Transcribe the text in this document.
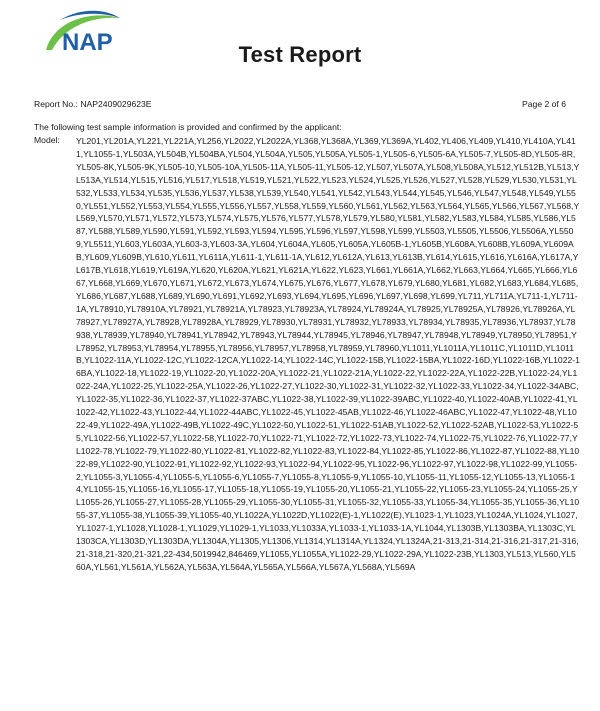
NAP	Test Report
Report No.: NAP2409029623E	Page 2 of 6
The following test sample information is provided and confirmed by the applicant:
Model:	YL201,YL201A,YL221,YL221A,YL256,YL2022,YL2022A,YL368,YL368A,YL369,YL369A,YL402,YL406,YL409,YL410,YL410A,YL411,YL1055-1,YL503A,YL504B,YL504BA,YL504,YL504A,YL505,YL505A,YL505-1,YL505-6,YL505-6A,YL505-7,YL505-8D,YL505-8R,YL505-8K,YL505-9K,YL505-10,YL505-10A,YL505-11A,YL505-11,YL505-12,YL507,YL507A,YL508,YL508A,YL512,YL512B,YL513,YL513A,YL514,YL515,YL516,YL517,YL518,YL519,YL521,YL522,YL523,YL524,YL525,YL526,YL527,YL528,YL529,YL530,YL531,YL532,YL533,YL534,YL535,YL536,YL537,YL538,YL539,YL540,YL541,YL542,YL543,YL544,YL545,YL546,YL547,YL548,YL549,YL550,YL551,YL552,YL553,YL554,YL555,YL556,YL557,YL558,YL559,YL560,YL561,YL562,YL563,YL564,YL565,YL566,YL567,YL568,YL569,YL570,YL571,YL572,YL573,YL574,YL575,YL576,YL577,YL578,YL579,YL580,YL581,YL582,YL583,YL584,YL585,YL586,YL587,YL588,YL589,YL590,YL591,YL592,YL593,YL594,YL595,YL596,YL597,YL598,YL599,YL5503,YL5505,YL5506,YL5506A,YL5509,YL5511,YL603,YL603A,YL603-3,YL603-3A,YL604,YL604A,YL605,YL605A,YL605B-1,YL605B,YL608A,YL608B,YL609A,YL609AB,YL609,YL609B,YL610,YL611,YL611A,YL611-1,YL611-1A,YL612,YL612A,YL613,YL613B,YL614,YL615,YL616,YL616A,YL617A,YL617B,YL618,YL619,YL619A,YL620,YL620A,YL621,YL621A,YL622,YL623,YL661,YL661A,YL662,YL663,YL664,YL665,YL666,YL667,YL668,YL669,YL670,YL671,YL672,YL673,YL674,YL675,YL676,YL677,YL678,YL679,YL680,YL681,YL682,YL683,YL684,YL685,YL686,YL687,YL688,YL689,YL690,YL691,YL692,YL693,YL694,YL695,YL696,YL697,YL698,YL699,YL711,YL711A,YL711-1,YL711-1A,YL78910,YL78910A,YL78921,YL78921A,YL78923,YL78923A,YL78924,YL78924A,YL78925,YL78925A,YL78926,YL78926A,YL78927,YL78927A,YL78928,YL78928A,YL78929,YL78930,YL78931,YL78932,YL78933,YL78934,YL78935,YL78936,YL78937,YL78938,YL78939,YL78940,YL78941,YL78942,YL78943,YL78944,YL78945,YL78946,YL78947,YL78948,YL78949,YL78950,YL78951,YL78952,YL78953,YL78954,YL78955,YL78956,YL78957,YL78958,YL78959,YL78960,YL1011,YL1011A,YL1011C,YL1011D,YL1011B,YL1022-11A,YL1022-12C,YL1022-12CA,YL1022-14,YL1022-14C,YL1022-15B,YL1022-15BA,YL1022-16D,YL1022-16B,YL1022-16BA,YL1022-18,YL1022-19,YL1022-20,YL1022-20A,YL1022-21,YL1022-21A,YL1022-22,YL1022-22A,YL1022-22B,YL1022-24,YL1022-24A,YL1022-25,YL1022-25A,YL1022-26,YL1022-27,YL1022-30,YL1022-31,YL1022-32,YL1022-33,YL1022-34,YL1022-34ABC,YL1022-35,YL1022-36,YL1022-37,YL1022-37ABC,YL1022-38,YL1022-39,YL1022-39ABC,YL1022-40,YL1022-40AB,YL1022-41,YL1022-42,YL1022-43,YL1022-44,YL1022-44ABC,YL1022-45,YL1022-45AB,YL1022-46,YL1022-46ABC,YL1022-47,YL1022-48,YL1022-49,YL1022-49A,YL1022-49B,YL1022-49C,YL1022-50,YL1022-51,YL1022-51AB,YL1022-52,YL1022-52AB,YL1022-53,YL1022-55,YL1022-56,YL1022-57,YL1022-58,YL1022-70,YL1022-71,YL1022-72,YL1022-73,YL1022-74,YL1022-75,YL1022-76,YL1022-77,YL1022-78,YL1022-79,YL1022-80,YL1022-81,YL1022-82,YL1022-83,YL1022-84,YL1022-85,YL1022-86,YL1022-87,YL1022-88,YL1022-89,YL1022-90,YL1022-91,YL1022-92,YL1022-93,YL1022-94,YL1022-95,YL1022-96,YL1022-97,YL1022-98,YL1022-99,YL1055-2,YL1055-3,YL1055-4,YL1055-5,YL1055-6,YL1055-7,YL1055-8,YL1055-9,YL1055-10,YL1055-11,YL1055-12,YL1055-13,YL1055-14,YL1055-15,YL1055-16,YL1055-17,YL1055-18,YL1055-19,YL1055-20,YL1055-21,YL1055-22,YL1055-23,YL1055-24,YL1055-25,YL1055-26,YL1055-27,YL1055-28,YL1055-29,YL1055-30,YL1055-31,YL1055-32,YL1055-33,YL1055-34,YL1055-35,YL1055-36,YL1055-37,YL1055-38,YL1055-39,YL1055-40,YL1022A,YL1022D,YL1022(E)-1,YL1022(E),YL1023-1,YL1023,YL1024A,YL1024,YL1027,YL1027-1,YL1028,YL1028-1,YL1029,YL1029-1,YL1033,YL1033A,YL1033-1,YL1033-1A,YL1044,YL1303B,YL1303BA,YL1303C,YL1303CA,YL1303D,YL1303DA,YL1304A,YL1305,YL1306,YL1314,YL1314A,YL1324,YL1324A,21-313,21-314,21-316,21-317,21-316,21-318,21-320,21-321,22-434,5019942,846469,YL1055,YL1055A,YL1022-29,YL1022-29A,YL1022-23B,YL1303,YL513,YL560,YL560A,YL561,YL561A,YL562A,YL563A,YL564A,YL565A,YL566A,YL567A,YL568A,YL569A
